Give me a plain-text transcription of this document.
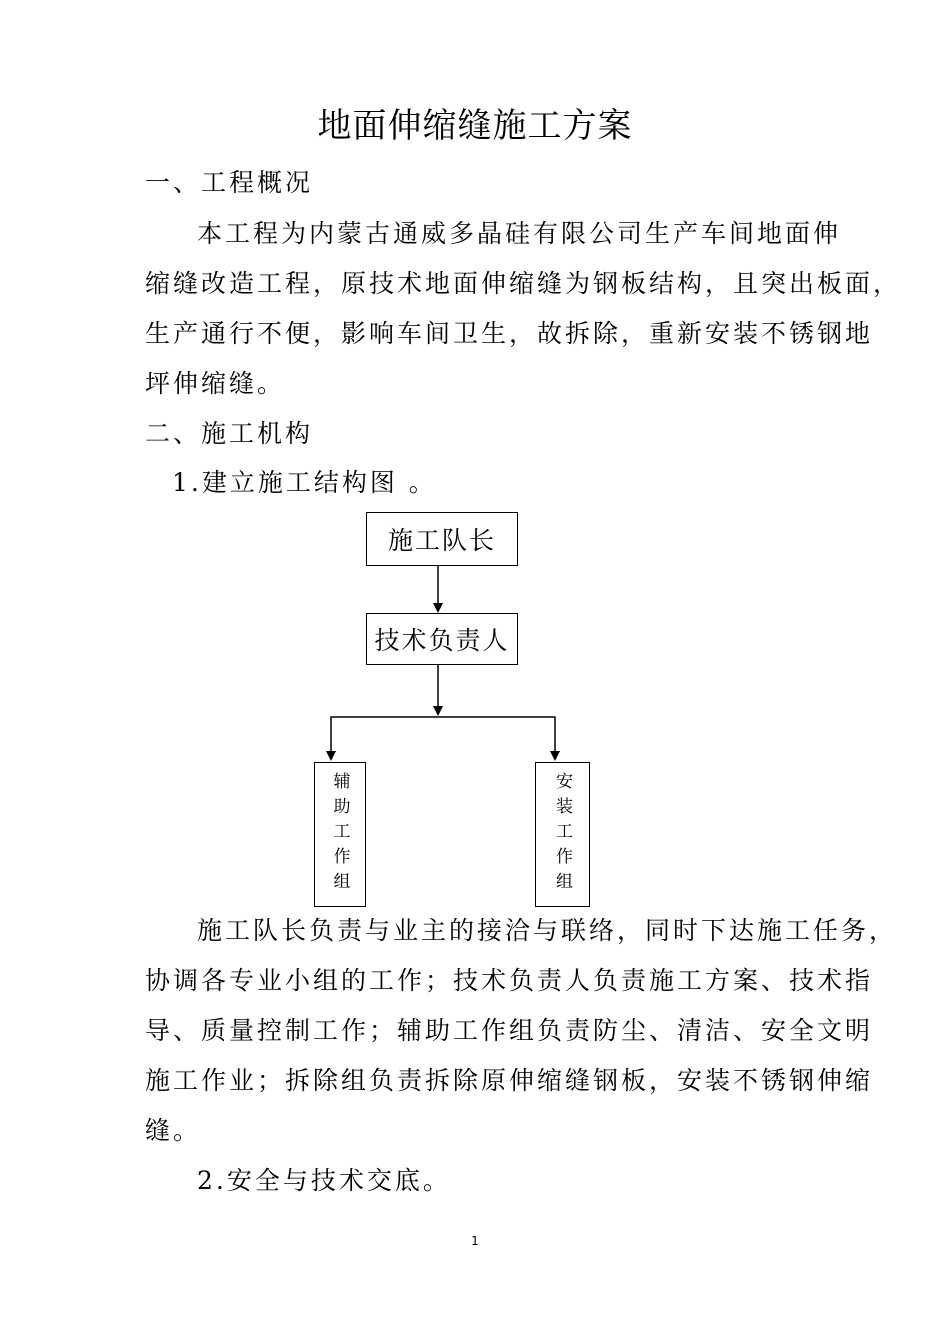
地面伸缩缝施工方案
一、工程概况
本工程为内蒙古通威多晶硅有限公司生产车间地面伸
缩缝改造工程，原技术地面伸缩缝为钢板结构，且突出板面，
生产通行不便，影响车间卫生，故拆除，重新安装不锈钢地
坪伸缩缝。
二、施工机构
1.建立施工结构图 。
施工队长
技术负责人
辅助工作组	安装工作组
施工队长负责与业主的接洽与联络，同时下达施工任务，
协调各专业小组的工作；技术负责人负责施工方案、技术指
导、质量控制工作；辅助工作组负责防尘、清洁、安全文明
施工作业；拆除组负责拆除原伸缩缝钢板，安装不锈钢伸缩
缝。
2.安全与技术交底。
1
